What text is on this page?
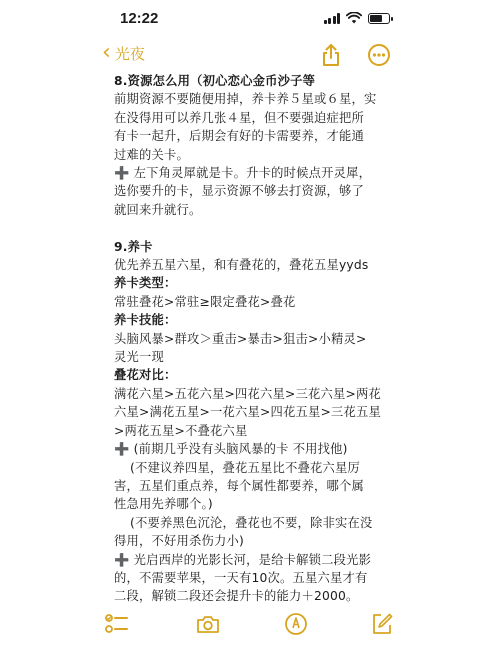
12:22
‹ 光夜

8.资源怎么用（初心恋心金币沙子等

前期资源不要随便用掉，养卡养５星或６星，实

在没得用可以养几张４星，但不要强迫症把所

有卡一起升，后期会有好的卡需要养，才能通

过难的关卡。

➕ 左下角灵犀就是卡。升卡的时候点开灵犀，

选你要升的卡，显示资源不够去打资源，够了

就回来升就行。

9.养卡

优先养五星六星，和有叠花的，叠花五星yyds

养卡类型：

常驻叠花>常驻≥限定叠花>叠花

养卡技能：

头脑风暴>群攻＞重击>暴击>狙击>小精灵>

灵光一现

叠花对比：

满花六星>五花六星>四花六星>三花六星>两花

六星>满花五星>一花六星>四花五星>三花五星

>两花五星>不叠花六星

➕ (前期几乎没有头脑风暴的卡 不用找他)

(不建议养四星，叠花五星比不叠花六星厉

害，五星们重点养，每个属性都要养，哪个属

性急用先养哪个。)

(不要养黑色沉沦，叠花也不要，除非实在没

得用，不好用杀伤力小)

➕ 光启西岸的光影长河，是给卡解锁二段光影

的，不需要苹果，一天有10次。五星六星才有

二段，解锁二段还会提升卡的能力＋2000。
